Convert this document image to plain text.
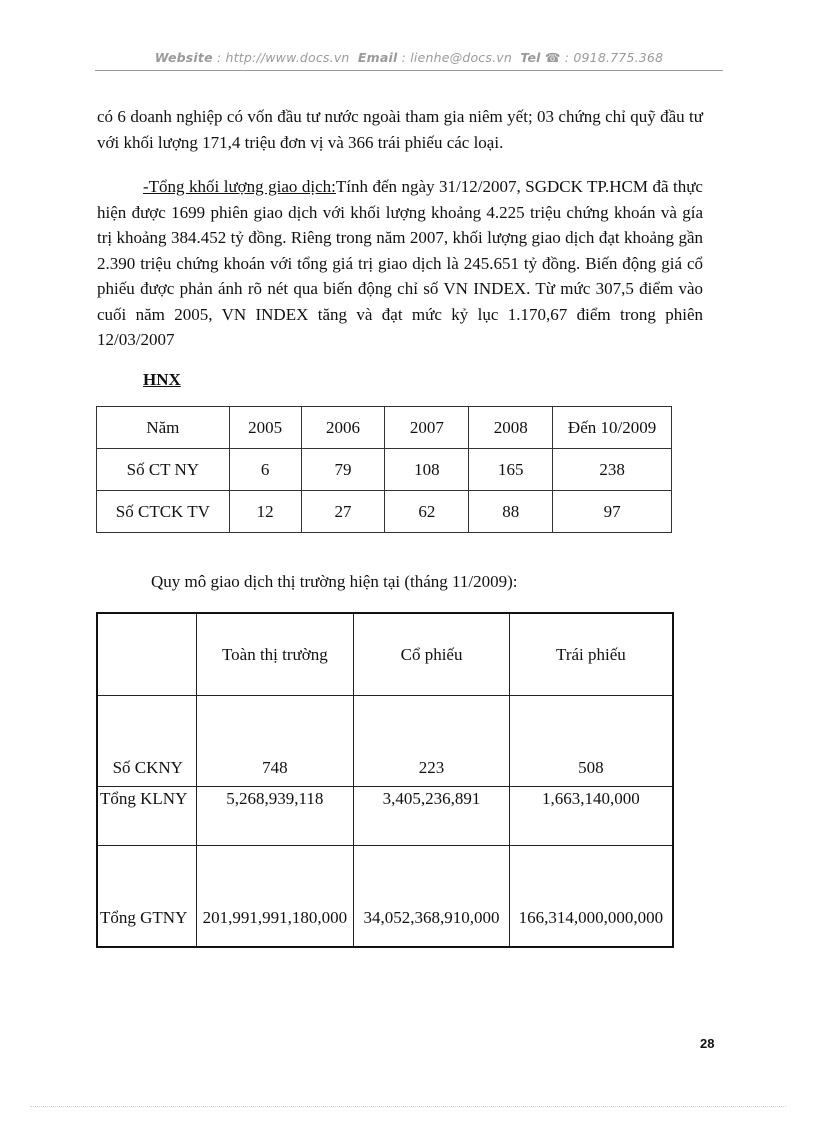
Website : http://www.docs.vn Email : lienhe@docs.vn Tel ☎ : 0918.775.368

có 6 doanh nghiệp có vốn đầu tư nước ngoài tham gia niêm yết; 03 chứng chỉ quỹ đầu tư với khối lượng 171,4 triệu đơn vị và 366 trái phiếu các loại.

-Tổng khối lượng giao dịch:Tính đến ngày 31/12/2007, SGDCK TP.HCM đã thực hiện được 1699 phiên giao dịch với khối lượng khoảng 4.225 triệu chứng khoán và gía trị khoảng 384.452 tỷ đồng. Riêng trong năm 2007, khối lượng giao dịch đạt khoảng gần 2.390 triệu chứng khoán với tổng giá trị giao dịch là 245.651 tỷ đồng. Biến động giá cổ phiếu được phản ánh rõ nét qua biến động chỉ số VN INDEX. Từ mức 307,5 điểm vào cuối năm 2005, VN INDEX tăng và đạt mức kỷ lục 1.170,67 điểm trong phiên 12/03/2007

HNX
Năm	2005	2006	2007	2008	Đến 10/2009
Số CT NY	6	79	108	165	238
Số CTCK TV	12	27	62	88	97
Quy mô giao dịch thị trường hiện tại (tháng 11/2009):
	Toàn thị trường	Cổ phiếu	Trái phiếu
Số CKNY	748	223	508
Tổng KLNY	5,268,939,118	3,405,236,891	1,663,140,000
Tổng GTNY	201,991,991,180,000	34,052,368,910,000	166,314,000,000,000
28
